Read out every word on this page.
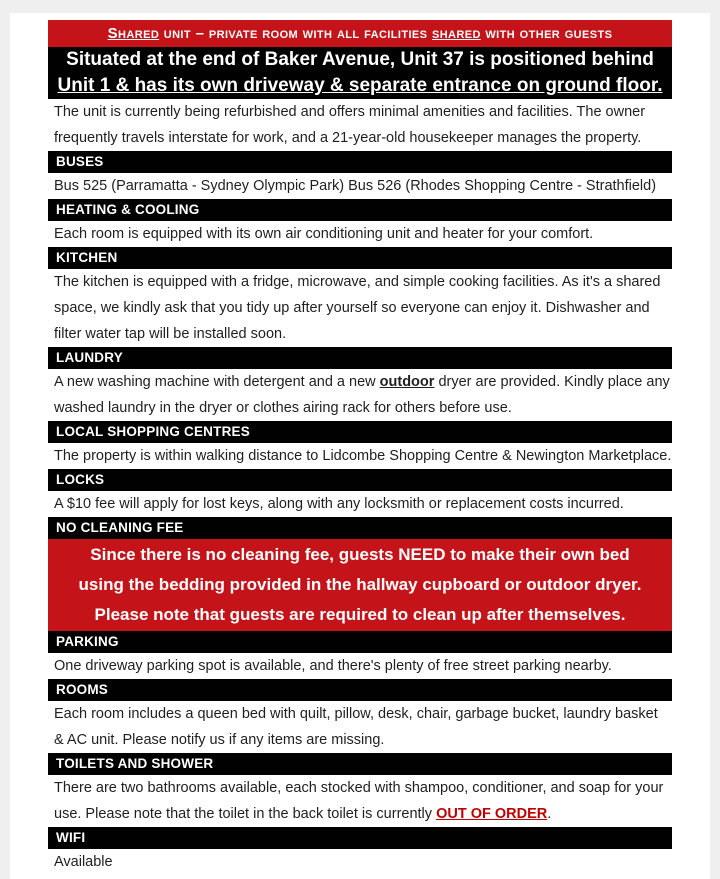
Shared unit – private room with all facilities shared with other guests
Situated at the end of Baker Avenue, Unit 37 is positioned behind
Unit 1 & has its own driveway & separate entrance on ground floor.
The unit is currently being refurbished and offers minimal amenities and facilities. The owner
frequently travels interstate for work, and a 21-year-old housekeeper manages the property.
BUSES
Bus 525 (Parramatta - Sydney Olympic Park) Bus 526 (Rhodes Shopping Centre - Strathfield)
HEATING & COOLING
Each room is equipped with its own air conditioning unit and heater for your comfort.
KITCHEN
The kitchen is equipped with a fridge, microwave, and simple cooking facilities. As it's a shared
space, we kindly ask that you tidy up after yourself so everyone can enjoy it. Dishwasher and
filter water tap will be installed soon.
LAUNDRY
A new washing machine with detergent and a new outdoor dryer are provided. Kindly place any
washed laundry in the dryer or clothes airing rack for others before use.
LOCAL SHOPPING CENTRES
The property is within walking distance to Lidcombe Shopping Centre & Newington Marketplace.
LOCKS
A $10 fee will apply for lost keys, along with any locksmith or replacement costs incurred.
NO CLEANING FEE
Since there is no cleaning fee, guests NEED to make their own bed
using the bedding provided in the hallway cupboard or outdoor dryer.
Please note that guests are required to clean up after themselves.
PARKING
One driveway parking spot is available, and there's plenty of free street parking nearby.
ROOMS
Each room includes a queen bed with quilt, pillow, desk, chair, garbage bucket, laundry basket
& AC unit. Please notify us if any items are missing.
TOILETS AND SHOWER
There are two bathrooms available, each stocked with shampoo, conditioner, and soap for your
use. Please note that the toilet in the back toilet is currently OUT OF ORDER.
WIFI
Available
